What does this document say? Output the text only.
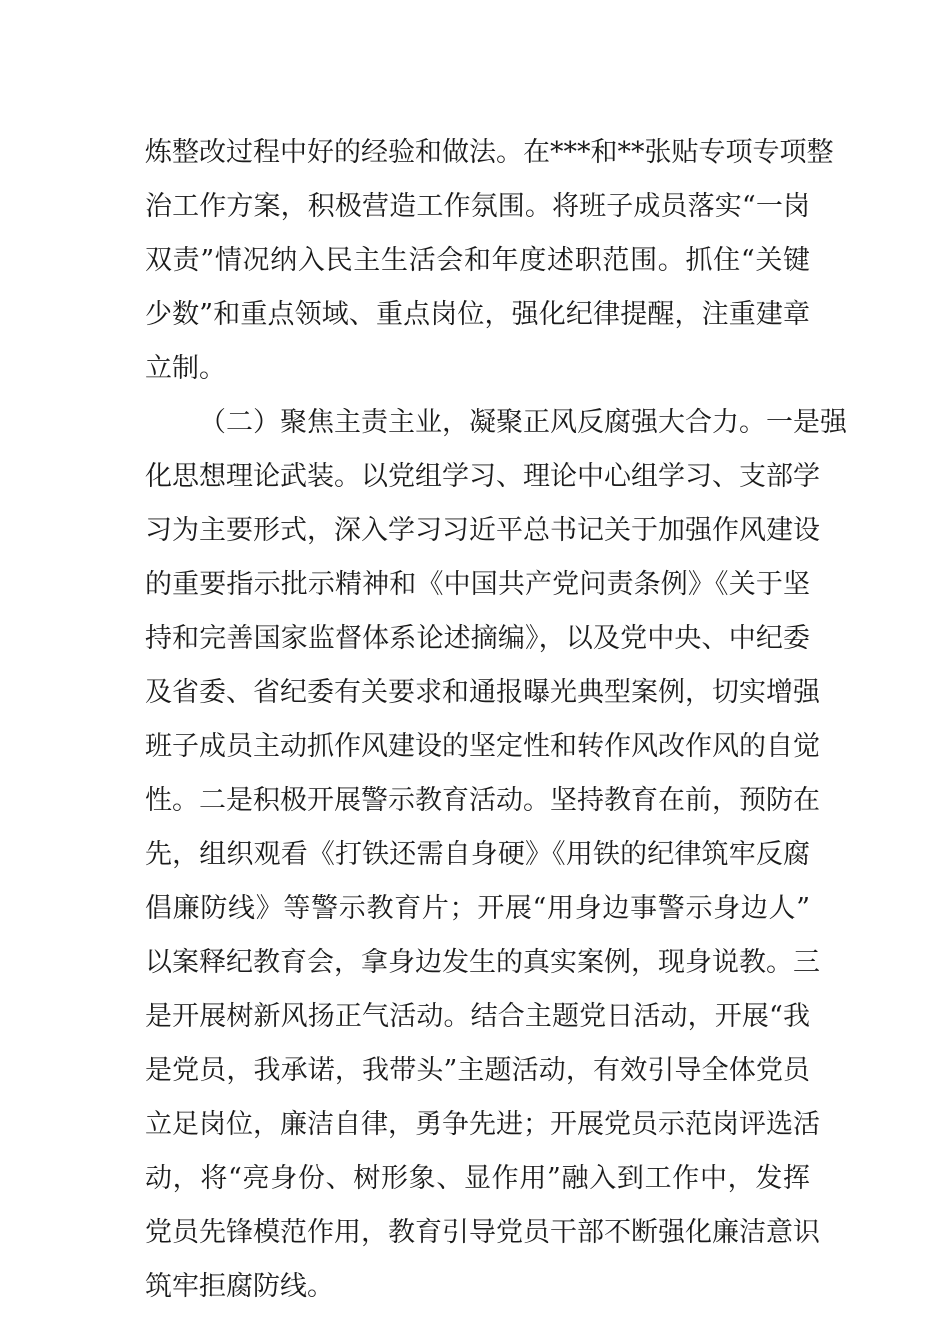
炼整改过程中好的经验和做法。在***和**张贴专项专项整
治工作方案，积极营造工作氛围。将班子成员落实“一岗
双责”情况纳入民主生活会和年度述职范围。抓住“关键
少数”和重点领域、重点岗位，强化纪律提醒，注重建章
立制。
（二）聚焦主责主业，凝聚正风反腐强大合力。一是强
化思想理论武装。以党组学习、理论中心组学习、支部学
习为主要形式，深入学习习近平总书记关于加强作风建设
的重要指示批示精神和《中国共产党问责条例》《关于坚
持和完善国家监督体系论述摘编》，以及党中央、中纪委
及省委、省纪委有关要求和通报曝光典型案例，切实增强
班子成员主动抓作风建设的坚定性和转作风改作风的自觉
性。二是积极开展警示教育活动。坚持教育在前，预防在
先，组织观看《打铁还需自身硬》《用铁的纪律筑牢反腐
倡廉防线》等警示教育片；开展“用身边事警示身边人”
以案释纪教育会，拿身边发生的真实案例，现身说教。三
是开展树新风扬正气活动。结合主题党日活动，开展“我
是党员，我承诺，我带头”主题活动，有效引导全体党员
立足岗位，廉洁自律，勇争先进；开展党员示范岗评选活
动，将“亮身份、树形象、显作用”融入到工作中，发挥
党员先锋模范作用，教育引导党员干部不断强化廉洁意识
筑牢拒腐防线。
